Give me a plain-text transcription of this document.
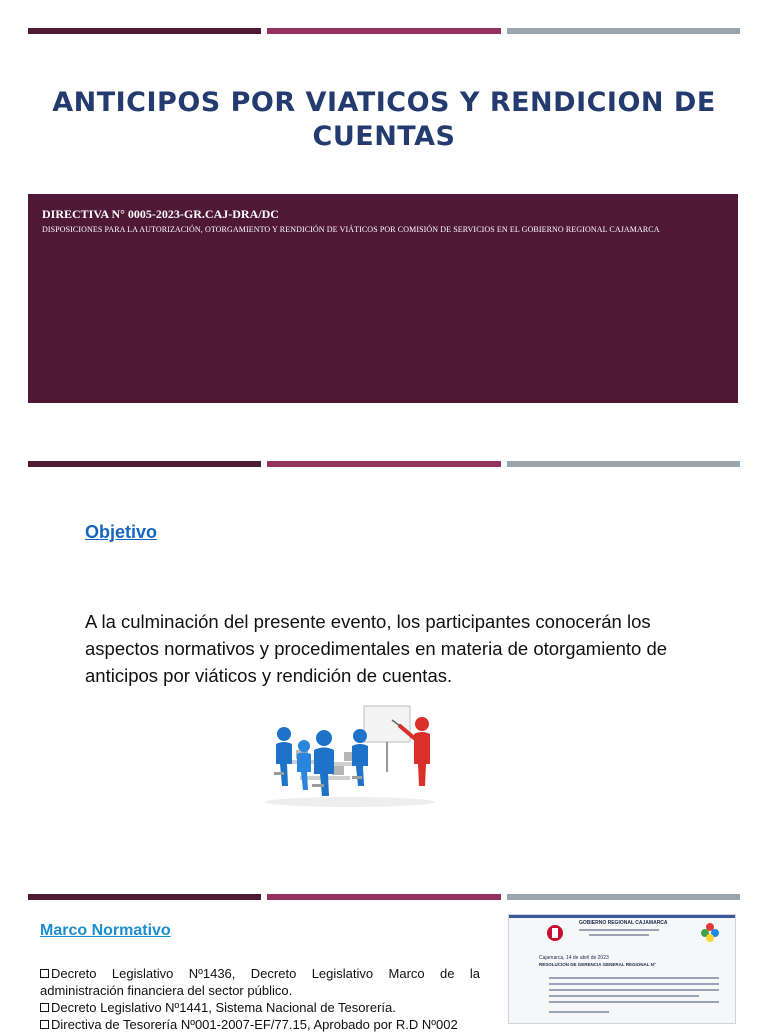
ANTICIPOS POR VIATICOS Y RENDICION DE CUENTAS
DIRECTIVA N° 0005-2023-GR.CAJ-DRA/DC
DISPOSICIONES PARA LA AUTORIZACIÓN, OTORGAMIENTO Y RENDICIÓN DE VIÁTICOS POR COMISIÓN DE SERVICIOS EN EL GOBIERNO REGIONAL CAJAMARCA
Objetivo

A la culminación del presente evento, los participantes conocerán los aspectos normativos y procedimentales en materia de otorgamiento de anticipos por viáticos y rendición de cuentas.

Marco Normativo
Decreto Legislativo Nº1436, Decreto Legislativo Marco de la administración financiera del sector público.
Decreto Legislativo Nº1441, Sistema Nacional de Tesorería.
Directiva de Tesorería Nº001-2007-EF/77.15, Aprobado por R.D Nº002
GOBIERNO REGIONAL CAJAMARCA
Cajamarca, 14 de abril de 2023
RESOLUCION DE GERENCIA GENERAL REGIONAL Nº
